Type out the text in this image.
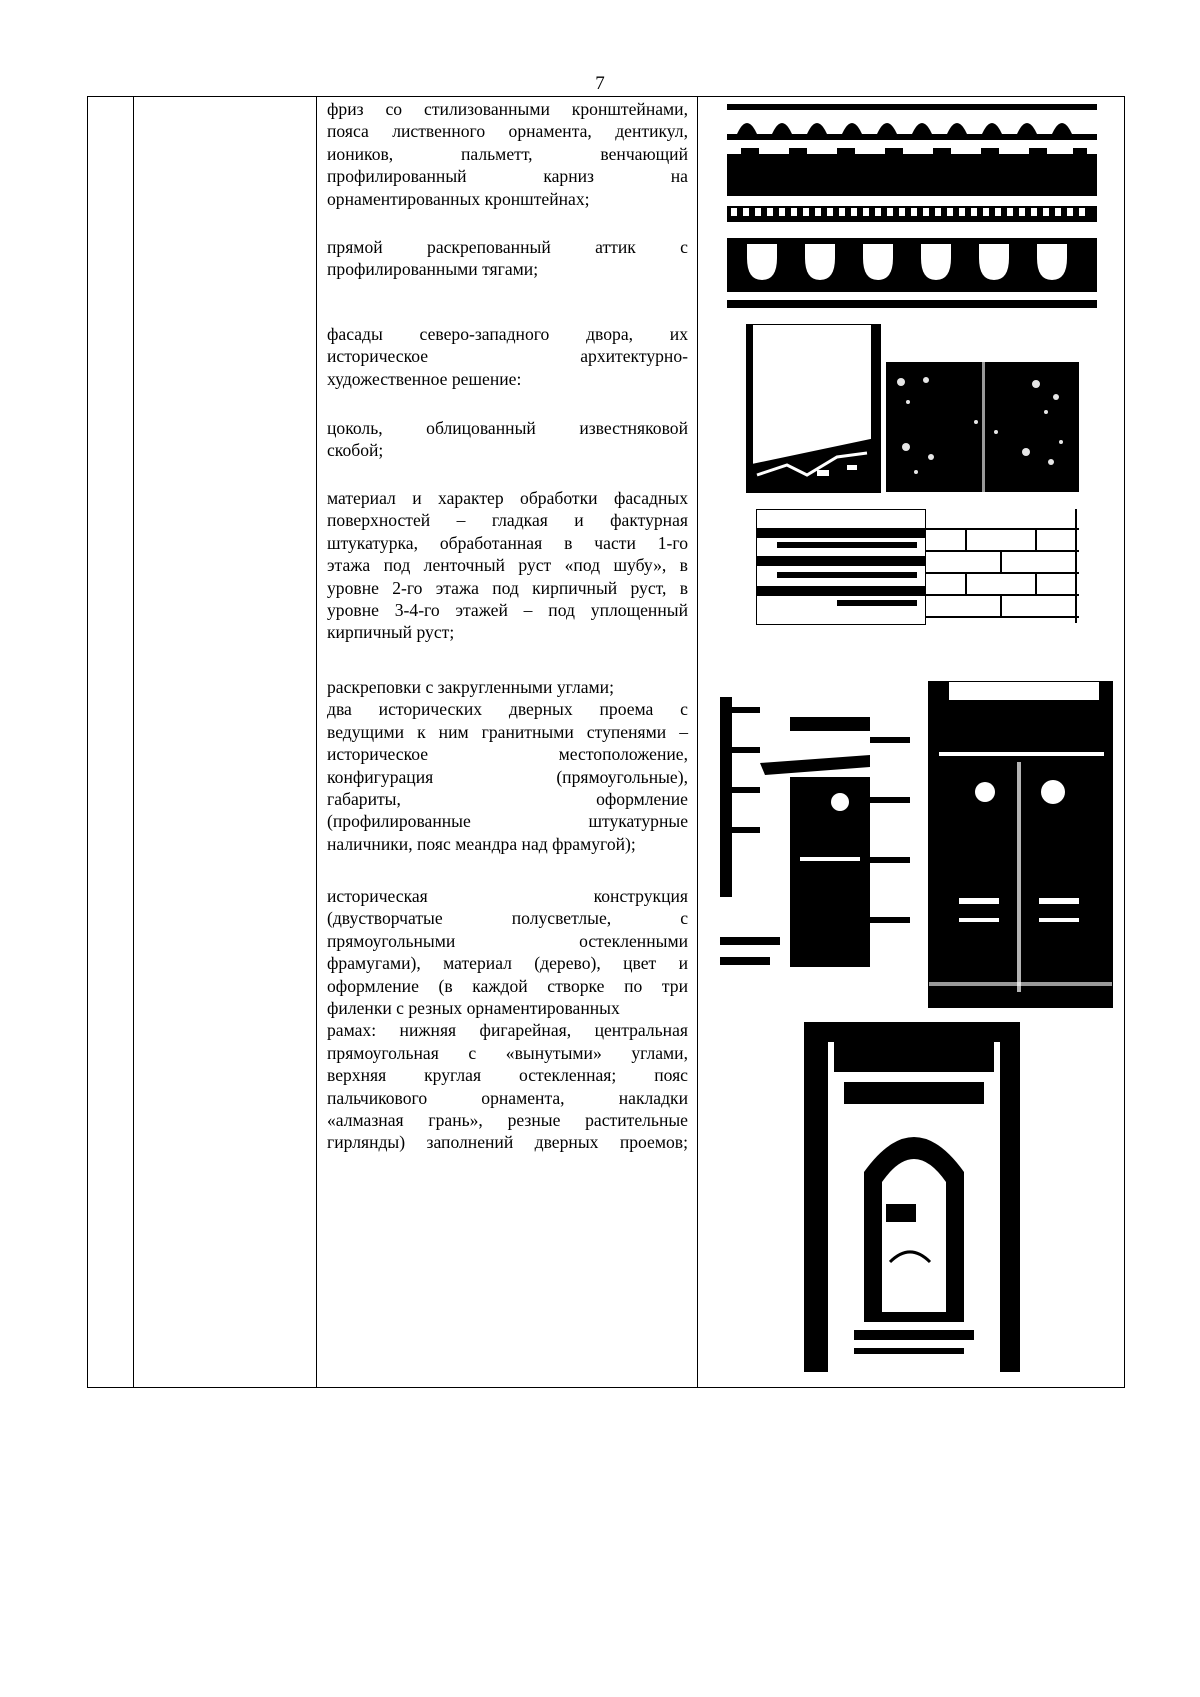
7
фриз со стилизованными кронштейнами,
пояса лиственного орнамента, дентикул,
иоников, пальметт, венчающий
профилированный карниз на
орнаментированных кронштейнах;
прямой раскрепованный аттик с
профилированными тягами;
фасады северо-западного двора, их
историческое архитектурно-
художественное решение:
цоколь, облицованный известняковой
скобой;
материал и характер обработки фасадных
поверхностей – гладкая и фактурная
штукатурка, обработанная в части 1-го
этажа под ленточный руст «под шубу», в
уровне 2-го этажа под кирпичный руст, в
уровне 3-4-го этажей – под уплощенный
кирпичный руст;
раскреповки с закругленными углами;
два исторических дверных проема с
ведущими к ним гранитными ступенями –
историческое местоположение,
конфигурация (прямоугольные),
габариты, оформление
(профилированные штукатурные
наличники, пояс меандра над фрамугой);
историческая конструкция
(двустворчатые полусветлые, с
прямоугольными остекленными
фрамугами), материал (дерево), цвет и
оформление (в каждой створке по три
филенки с резных орнаментированных
рамах: нижняя фигарейная, центральная
прямоугольная с «вынутыми» углами,
верхняя круглая остекленная; пояс
пальчикового орнамента, накладки
«алмазная грань», резные растительные
гирлянды) заполнений дверных проемов;
